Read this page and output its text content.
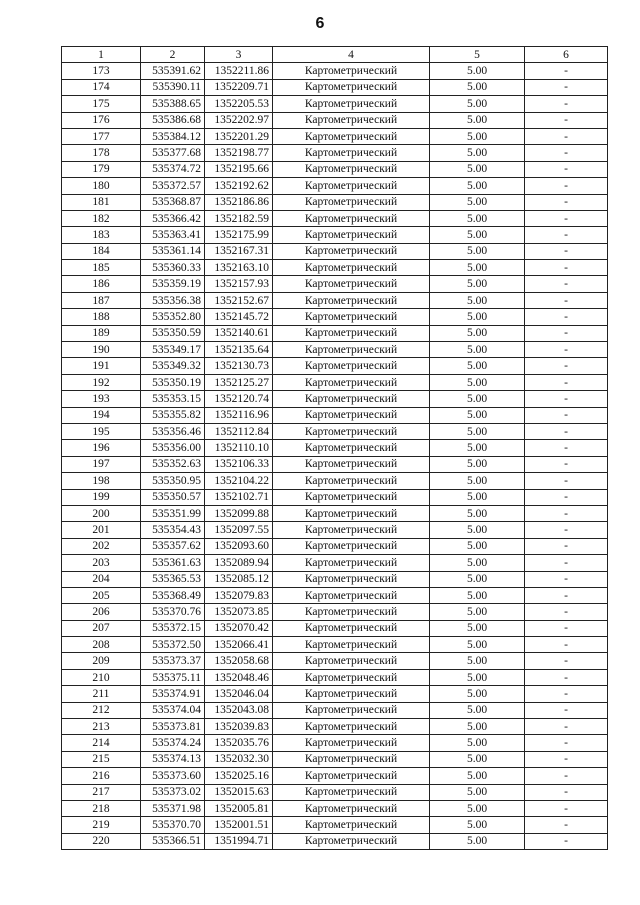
6
1	2	3	4	5	6
173	535391.62	1352211.86	Картометрический	5.00	-
174	535390.11	1352209.71	Картометрический	5.00	-
175	535388.65	1352205.53	Картометрический	5.00	-
176	535386.68	1352202.97	Картометрический	5.00	-
177	535384.12	1352201.29	Картометрический	5.00	-
178	535377.68	1352198.77	Картометрический	5.00	-
179	535374.72	1352195.66	Картометрический	5.00	-
180	535372.57	1352192.62	Картометрический	5.00	-
181	535368.87	1352186.86	Картометрический	5.00	-
182	535366.42	1352182.59	Картометрический	5.00	-
183	535363.41	1352175.99	Картометрический	5.00	-
184	535361.14	1352167.31	Картометрический	5.00	-
185	535360.33	1352163.10	Картометрический	5.00	-
186	535359.19	1352157.93	Картометрический	5.00	-
187	535356.38	1352152.67	Картометрический	5.00	-
188	535352.80	1352145.72	Картометрический	5.00	-
189	535350.59	1352140.61	Картометрический	5.00	-
190	535349.17	1352135.64	Картометрический	5.00	-
191	535349.32	1352130.73	Картометрический	5.00	-
192	535350.19	1352125.27	Картометрический	5.00	-
193	535353.15	1352120.74	Картометрический	5.00	-
194	535355.82	1352116.96	Картометрический	5.00	-
195	535356.46	1352112.84	Картометрический	5.00	-
196	535356.00	1352110.10	Картометрический	5.00	-
197	535352.63	1352106.33	Картометрический	5.00	-
198	535350.95	1352104.22	Картометрический	5.00	-
199	535350.57	1352102.71	Картометрический	5.00	-
200	535351.99	1352099.88	Картометрический	5.00	-
201	535354.43	1352097.55	Картометрический	5.00	-
202	535357.62	1352093.60	Картометрический	5.00	-
203	535361.63	1352089.94	Картометрический	5.00	-
204	535365.53	1352085.12	Картометрический	5.00	-
205	535368.49	1352079.83	Картометрический	5.00	-
206	535370.76	1352073.85	Картометрический	5.00	-
207	535372.15	1352070.42	Картометрический	5.00	-
208	535372.50	1352066.41	Картометрический	5.00	-
209	535373.37	1352058.68	Картометрический	5.00	-
210	535375.11	1352048.46	Картометрический	5.00	-
211	535374.91	1352046.04	Картометрический	5.00	-
212	535374.04	1352043.08	Картометрический	5.00	-
213	535373.81	1352039.83	Картометрический	5.00	-
214	535374.24	1352035.76	Картометрический	5.00	-
215	535374.13	1352032.30	Картометрический	5.00	-
216	535373.60	1352025.16	Картометрический	5.00	-
217	535373.02	1352015.63	Картометрический	5.00	-
218	535371.98	1352005.81	Картометрический	5.00	-
219	535370.70	1352001.51	Картометрический	5.00	-
220	535366.51	1351994.71	Картометрический	5.00	-
